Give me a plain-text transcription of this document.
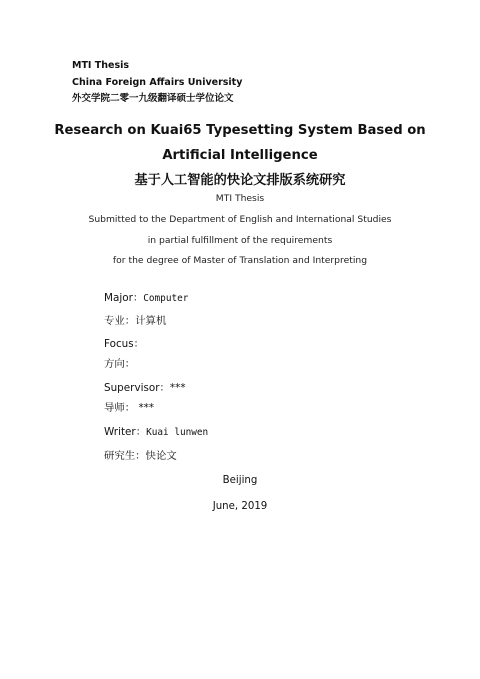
MTI Thesis
China Foreign Affairs University
外交学院二零一九级翻译硕士学位论文
Research on Kuai65 Typesetting System Based on
Artificial Intelligence
基于人工智能的快论文排版系统研究
MTI Thesis
Submitted to the Department of English and International Studies
in partial fulfillment of the requirements
for the degree of Master of Translation and Interpreting
Major：Computer
专业：计算机
Focus：
方向：
Supervisor：***
导师： ***
Writer：Kuai lunwen
研究生：快论文
Beijing
June, 2019
